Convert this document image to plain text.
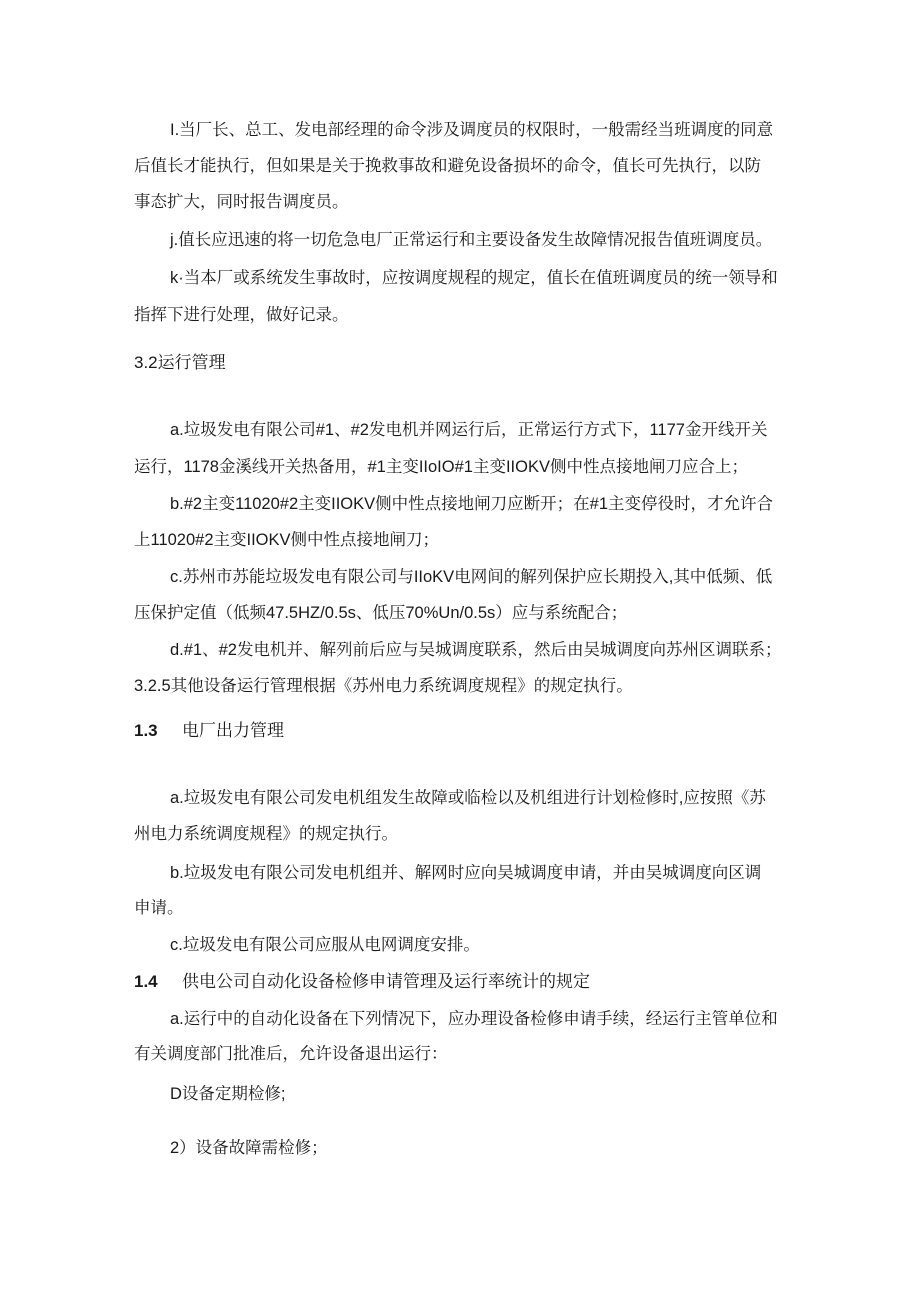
I.当厂长、总工、发电部经理的命令涉及调度员的权限时，一般需经当班调度的同意
后值长才能执行，但如果是关于挽救事故和避免设备损坏的命令，值长可先执行，以防
事态扩大，同时报告调度员。
j.值长应迅速的将一切危急电厂正常运行和主要设备发生故障情况报告值班调度员。
k·当本厂或系统发生事故时，应按调度规程的规定，值长在值班调度员的统一领导和
指挥下进行处理，做好记录。
3.2运行管理
a.垃圾发电有限公司#1、#2发电机并网运行后，正常运行方式下，1177金开线开关
运行，1178金溪线开关热备用，#1主变IIoIO#1主变IIOKV侧中性点接地闸刀应合上；
b.#2主变11020#2主变IIOKV侧中性点接地闸刀应断开；在#1主变停役时，才允许合
上11020#2主变IIOKV侧中性点接地闸刀；
c.苏州市苏能垃圾发电有限公司与IIoKV电网间的解列保护应长期投入,其中低频、低
压保护定值（低频47.5HZ/0.5s、低压70%Un/0.5s）应与系统配合；
d.#1、#2发电机并、解列前后应与吴城调度联系，然后由吴城调度向苏州区调联系；
3.2.5其他设备运行管理根据《苏州电力系统调度规程》的规定执行。
1.3 电厂出力管理
a.垃圾发电有限公司发电机组发生故障或临检以及机组进行计划检修时,应按照《苏
州电力系统调度规程》的规定执行。
b.垃圾发电有限公司发电机组并、解网时应向吴城调度申请，并由吴城调度向区调
申请。
c.垃圾发电有限公司应服从电网调度安排。
1.4 供电公司自动化设备检修申请管理及运行率统计的规定
a.运行中的自动化设备在下列情况下，应办理设备检修申请手续，经运行主管单位和
有关调度部门批准后，允许设备退出运行：
D设备定期检修;
2）设备故障需检修；
